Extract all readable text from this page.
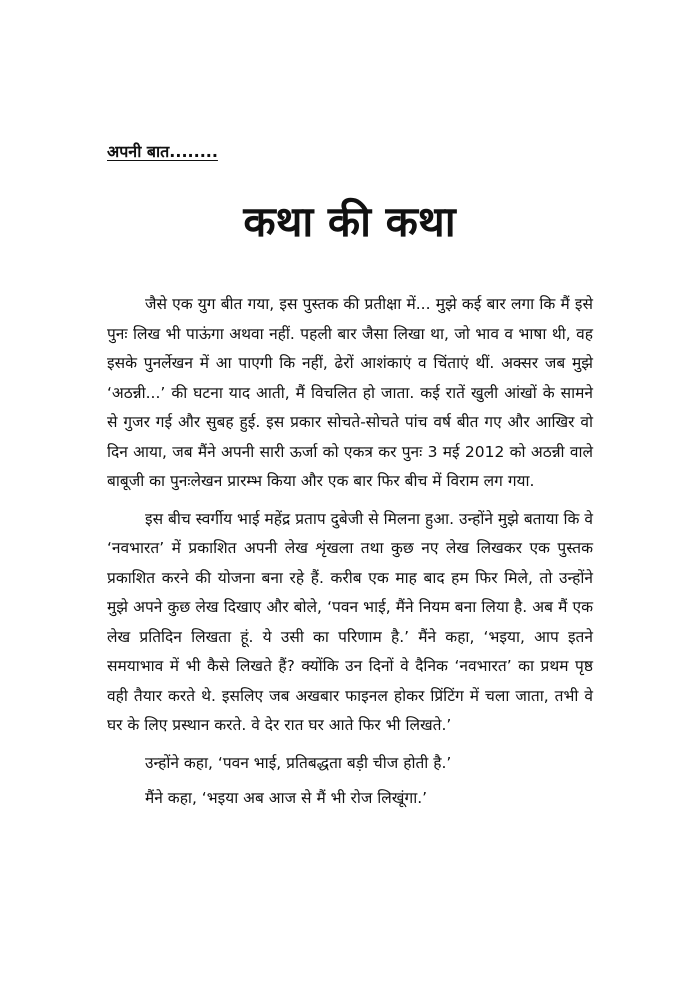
अपनी बात........
कथा की कथा

जैसे एक युग बीत गया, इस पुस्तक की प्रतीक्षा में... मुझे कई बार लगा कि मैं इसे पुनः लिख भी पाऊंगा अथवा नहीं. पहली बार जैसा लिखा था, जो भाव व भाषा थी, वह इसके पुनर्लेखन में आ पाएगी कि नहीं, ढेरों आशंकाएं व चिंताएं थीं. अक्सर जब मुझे ‘अठन्नी...’ की घटना याद आती, मैं विचलित हो जाता. कई रातें खुली आंखों के सामने से गुजर गई और सुबह हुई. इस प्रकार सोचते-सोचते पांच वर्ष बीत गए और आखिर वो दिन आया, जब मैंने अपनी सारी ऊर्जा को एकत्र कर पुनः 3 मई 2012 को अठन्नी वाले बाबूजी का पुनःलेखन प्रारम्भ किया और एक बार फिर बीच में विराम लग गया.

इस बीच स्वर्गीय भाई महेंद्र प्रताप दुबेजी से मिलना हुआ. उन्होंने मुझे बताया कि वे ‘नवभारत’ में प्रकाशित अपनी लेख शृंखला तथा कुछ नए लेख लिखकर एक पुस्तक प्रकाशित करने की योजना बना रहे हैं. करीब एक माह बाद हम फिर मिले, तो उन्होंने मुझे अपने कुछ लेख दिखाए और बोले, ‘पवन भाई, मैंने नियम बना लिया है. अब मैं एक लेख प्रतिदिन लिखता हूं. ये उसी का परिणाम है.’ मैंने कहा, ‘भइया, आप इतने समयाभाव में भी कैसे लिखते हैं? क्योंकि उन दिनों वे दैनिक ‘नवभारत’ का प्रथम पृष्ठ वही तैयार करते थे. इसलिए जब अखबार फाइनल होकर प्रिंटिंग में चला जाता, तभी वे घर के लिए प्रस्थान करते. वे देर रात घर आते फिर भी लिखते.’

उन्होंने कहा, ‘पवन भाई, प्रतिबद्धता बड़ी चीज होती है.’

मैंने कहा, ‘भइया अब आज से मैं भी रोज लिखूंगा.’
